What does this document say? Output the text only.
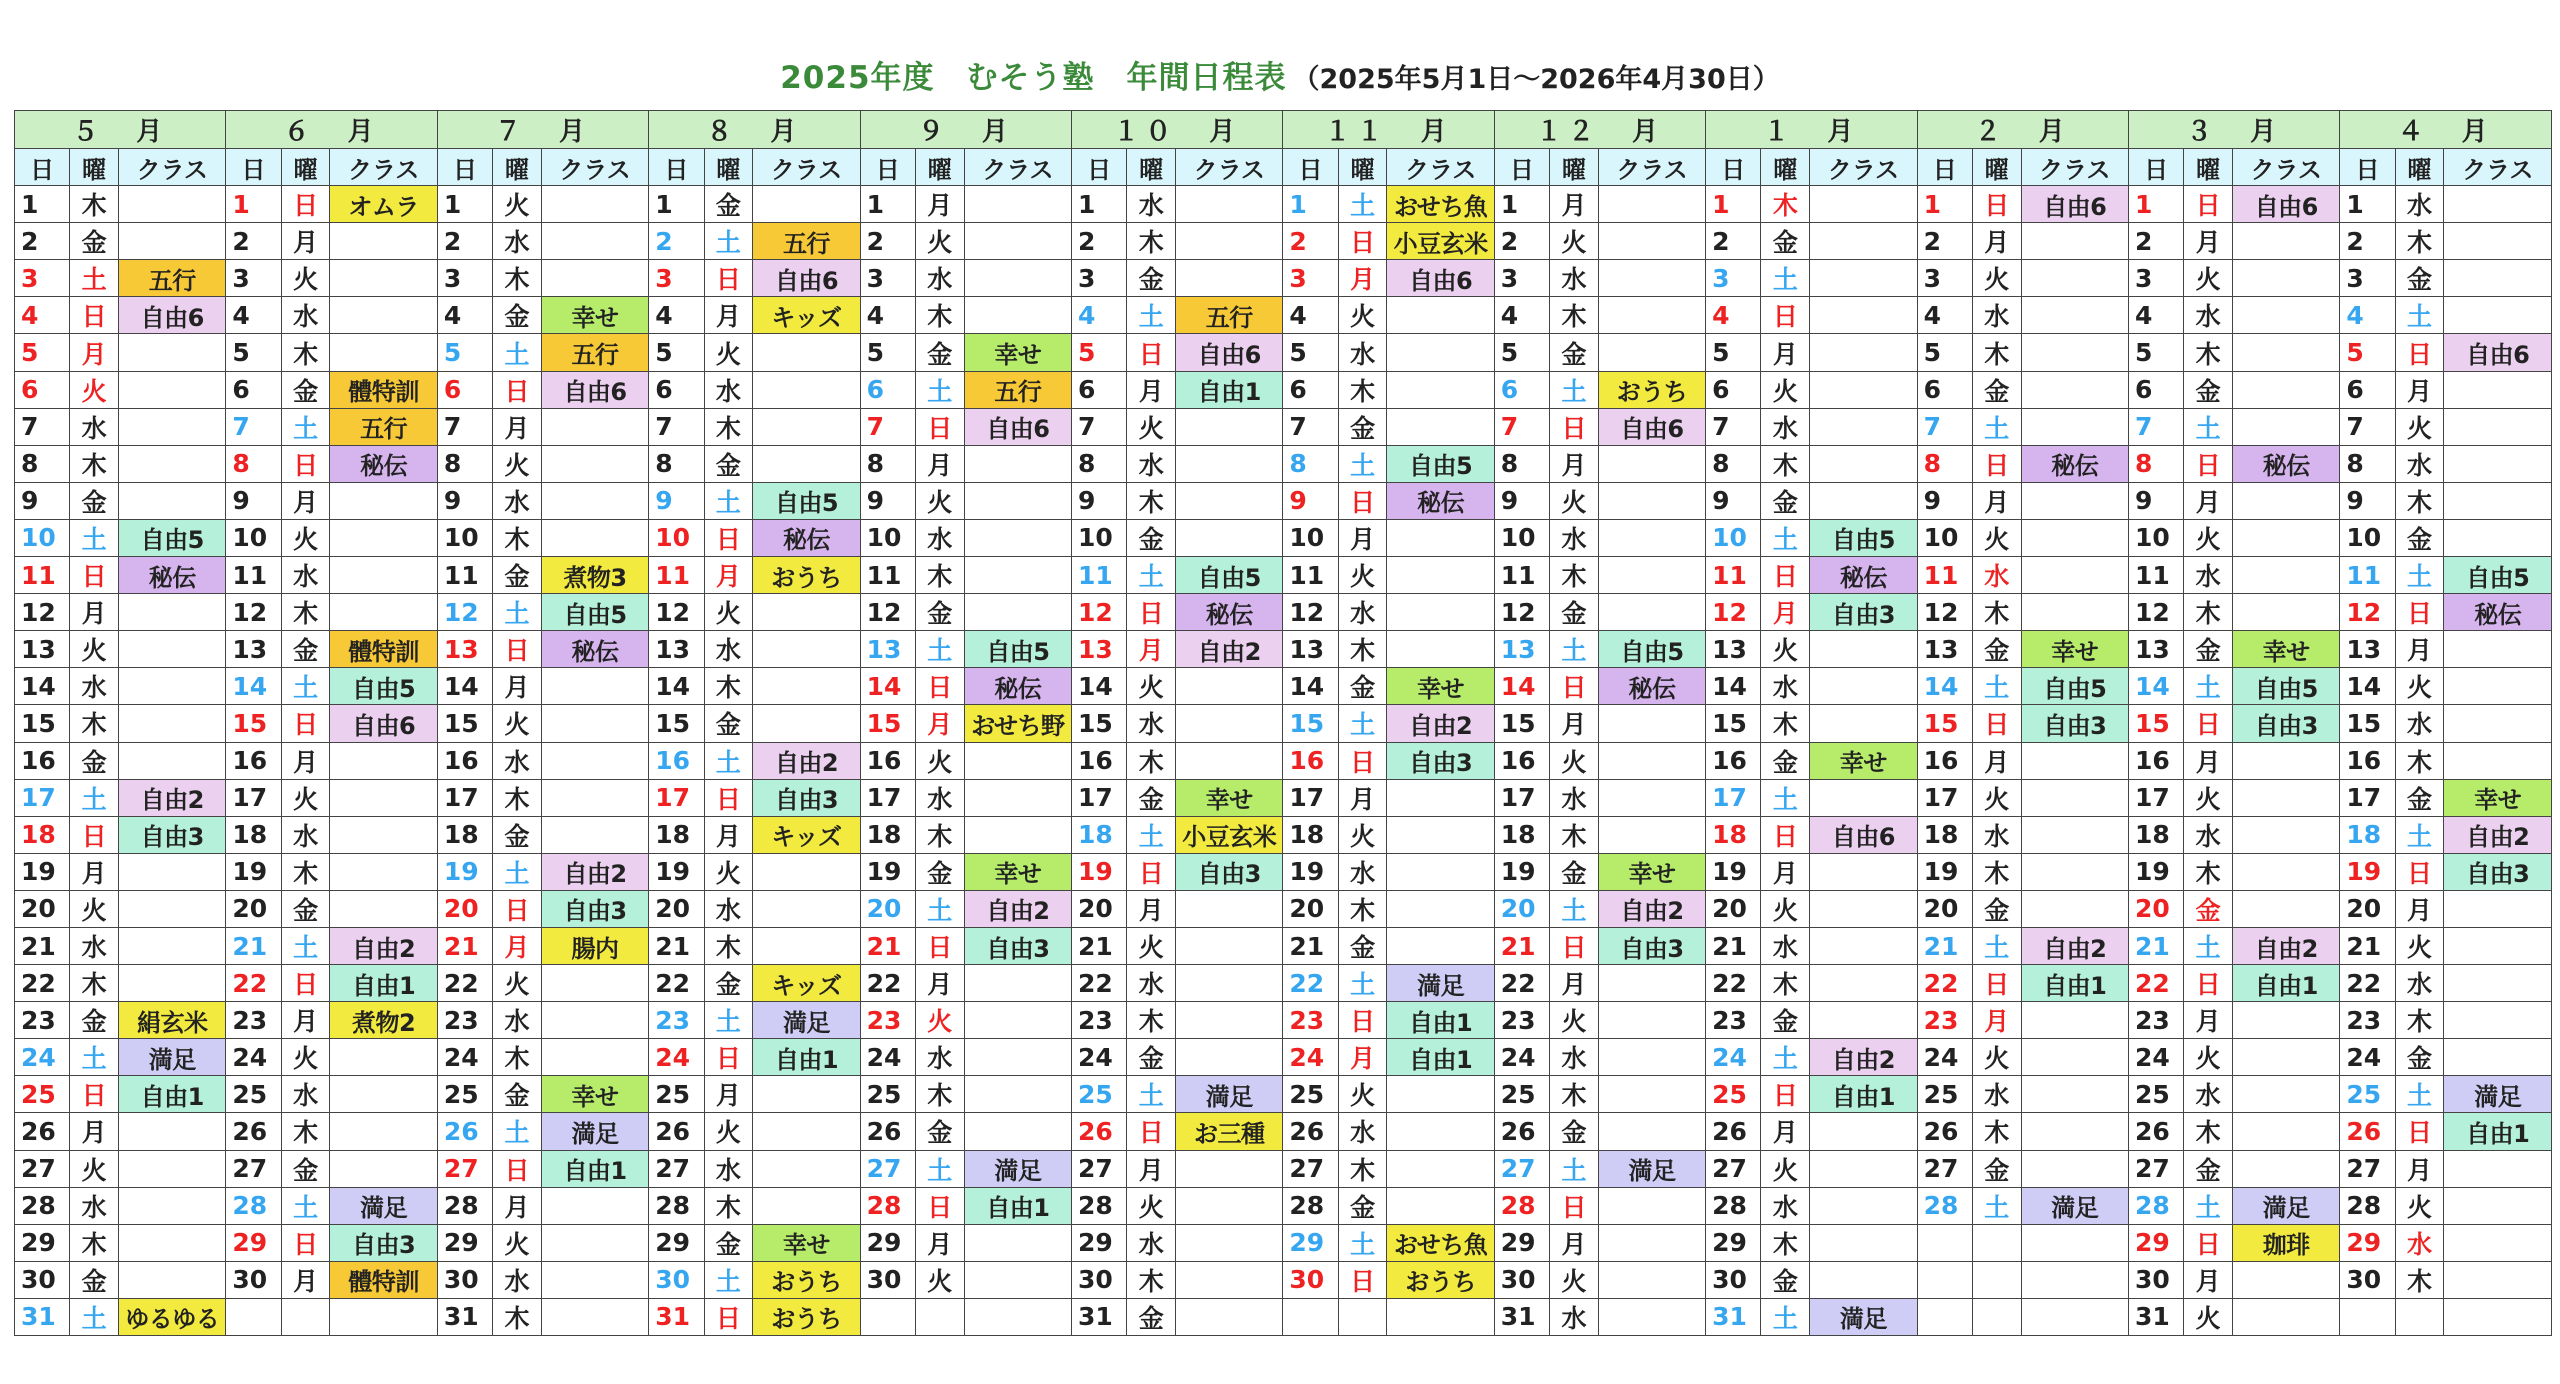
2025年度　むそう塾　年間日程表 （2025年5月1日～2026年4月30日）
５　月			６　月			７　月			８　月			９　月			１０　月			１１　月			１２　月			１　月			２　月			３　月			４　月		
日	曜	クラス	日	曜	クラス	日	曜	クラス	日	曜	クラス	日	曜	クラス	日	曜	クラス	日	曜	クラス	日	曜	クラス	日	曜	クラス	日	曜	クラス	日	曜	クラス	日	曜	クラス
1	木		1	日	オムラ	1	火		1	金		1	月		1	水		1	土	おせち魚	1	月		1	木		1	日	自由6	1	日	自由6	1	水	
2	金		2	月		2	水		2	土	五行	2	火		2	木		2	日	小豆玄米	2	火		2	金		2	月		2	月		2	木	
3	土	五行	3	火		3	木		3	日	自由6	3	水		3	金		3	月	自由6	3	水		3	土		3	火		3	火		3	金	
4	日	自由6	4	水		4	金	幸せ	4	月	キッズ	4	木		4	土	五行	4	火		4	木		4	日		4	水		4	水		4	土	
5	月		5	木		5	土	五行	5	火		5	金	幸せ	5	日	自由6	5	水		5	金		5	月		5	木		5	木		5	日	自由6
6	火		6	金	體特訓	6	日	自由6	6	水		6	土	五行	6	月	自由1	6	木		6	土	おうち	6	火		6	金		6	金		6	月	
7	水		7	土	五行	7	月		7	木		7	日	自由6	7	火		7	金		7	日	自由6	7	水		7	土		7	土		7	火	
8	木		8	日	秘伝	8	火		8	金		8	月		8	水		8	土	自由5	8	月		8	木		8	日	秘伝	8	日	秘伝	8	水	
9	金		9	月		9	水		9	土	自由5	9	火		9	木		9	日	秘伝	9	火		9	金		9	月		9	月		9	木	
10	土	自由5	10	火		10	木		10	日	秘伝	10	水		10	金		10	月		10	水		10	土	自由5	10	火		10	火		10	金	
11	日	秘伝	11	水		11	金	煮物3	11	月	おうち	11	木		11	土	自由5	11	火		11	木		11	日	秘伝	11	水		11	水		11	土	自由5
12	月		12	木		12	土	自由5	12	火		12	金		12	日	秘伝	12	水		12	金		12	月	自由3	12	木		12	木		12	日	秘伝
13	火		13	金	體特訓	13	日	秘伝	13	水		13	土	自由5	13	月	自由2	13	木		13	土	自由5	13	火		13	金	幸せ	13	金	幸せ	13	月	
14	水		14	土	自由5	14	月		14	木		14	日	秘伝	14	火		14	金	幸せ	14	日	秘伝	14	水		14	土	自由5	14	土	自由5	14	火	
15	木		15	日	自由6	15	火		15	金		15	月	おせち野	15	水		15	土	自由2	15	月		15	木		15	日	自由3	15	日	自由3	15	水	
16	金		16	月		16	水		16	土	自由2	16	火		16	木		16	日	自由3	16	火		16	金	幸せ	16	月		16	月		16	木	
17	土	自由2	17	火		17	木		17	日	自由3	17	水		17	金	幸せ	17	月		17	水		17	土		17	火		17	火		17	金	幸せ
18	日	自由3	18	水		18	金		18	月	キッズ	18	木		18	土	小豆玄米	18	火		18	木		18	日	自由6	18	水		18	水		18	土	自由2
19	月		19	木		19	土	自由2	19	火		19	金	幸せ	19	日	自由3	19	水		19	金	幸せ	19	月		19	木		19	木		19	日	自由3
20	火		20	金		20	日	自由3	20	水		20	土	自由2	20	月		20	木		20	土	自由2	20	火		20	金		20	金		20	月	
21	水		21	土	自由2	21	月	腸内	21	木		21	日	自由3	21	火		21	金		21	日	自由3	21	水		21	土	自由2	21	土	自由2	21	火	
22	木		22	日	自由1	22	火		22	金	キッズ	22	月		22	水		22	土	満足	22	月		22	木		22	日	自由1	22	日	自由1	22	水	
23	金	絹玄米	23	月	煮物2	23	水		23	土	満足	23	火		23	木		23	日	自由1	23	火		23	金		23	月		23	月		23	木	
24	土	満足	24	火		24	木		24	日	自由1	24	水		24	金		24	月	自由1	24	水		24	土	自由2	24	火		24	火		24	金	
25	日	自由1	25	水		25	金	幸せ	25	月		25	木		25	土	満足	25	火		25	木		25	日	自由1	25	水		25	水		25	土	満足
26	月		26	木		26	土	満足	26	火		26	金		26	日	お三種	26	水		26	金		26	月		26	木		26	木		26	日	自由1
27	火		27	金		27	日	自由1	27	水		27	土	満足	27	月		27	木		27	土	満足	27	火		27	金		27	金		27	月	
28	水		28	土	満足	28	月		28	木		28	日	自由1	28	火		28	金		28	日		28	水		28	土	満足	28	土	満足	28	火	
29	木		29	日	自由3	29	火		29	金	幸せ	29	月		29	水		29	土	おせち魚	29	月		29	木					29	日	珈琲	29	水	
30	金		30	月	體特訓	30	水		30	土	おうち	30	火		30	木		30	日	おうち	30	火		30	金					30	月		30	木	
31	土	ゆるゆる				31	木		31	日	おうち				31	金					31	水		31	土	満足				31	火				
